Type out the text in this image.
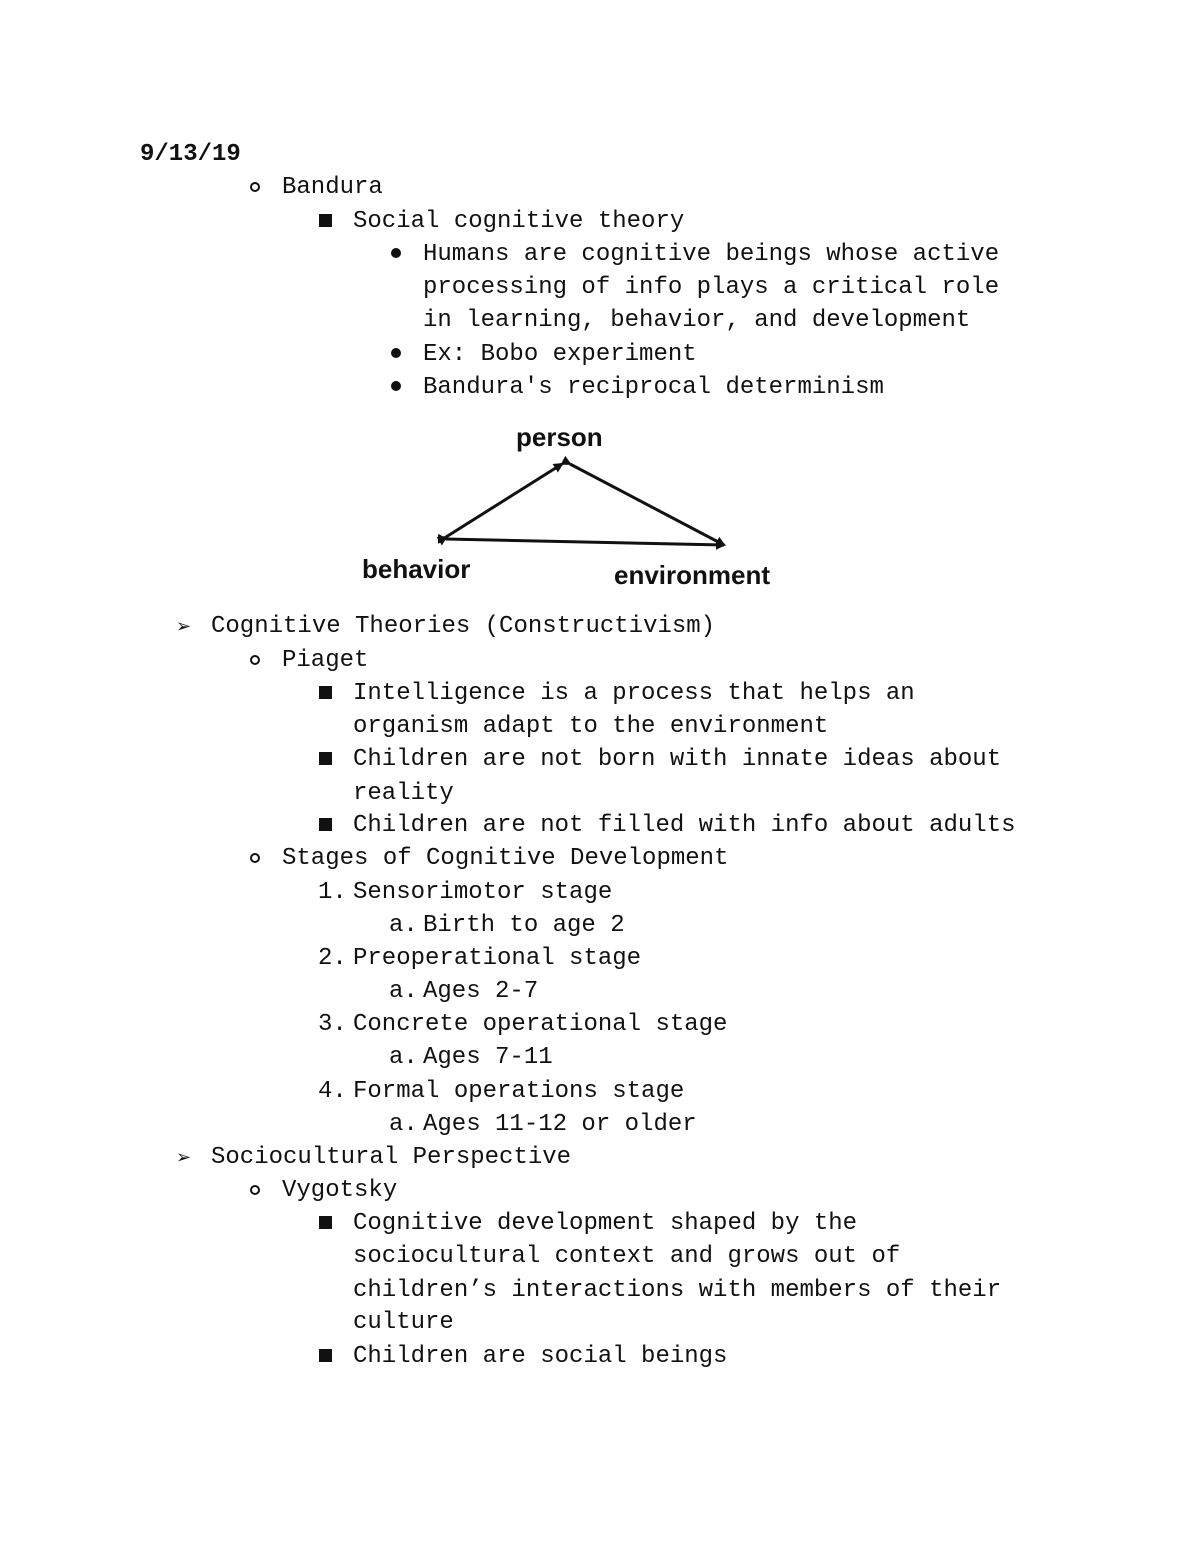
9/13/19
Bandura
Social cognitive theory
Humans are cognitive beings whose active
processing of info plays a critical role
in learning, behavior, and development
Ex: Bobo experiment
Bandura's reciprocal determinism
person
behavior	environment
➢ Cognitive Theories (Constructivism)
Piaget
Intelligence is a process that helps an
organism adapt to the environment
Children are not born with innate ideas about
reality
Children are not filled with info about adults
Stages of Cognitive Development
1. Sensorimotor stage
a. Birth to age 2
2. Preoperational stage
a. Ages 2-7
3. Concrete operational stage
a. Ages 7-11
4. Formal operations stage
a. Ages 11-12 or older
➢ Sociocultural Perspective
Vygotsky
Cognitive development shaped by the
sociocultural context and grows out of
children’s interactions with members of their
culture
Children are social beings
